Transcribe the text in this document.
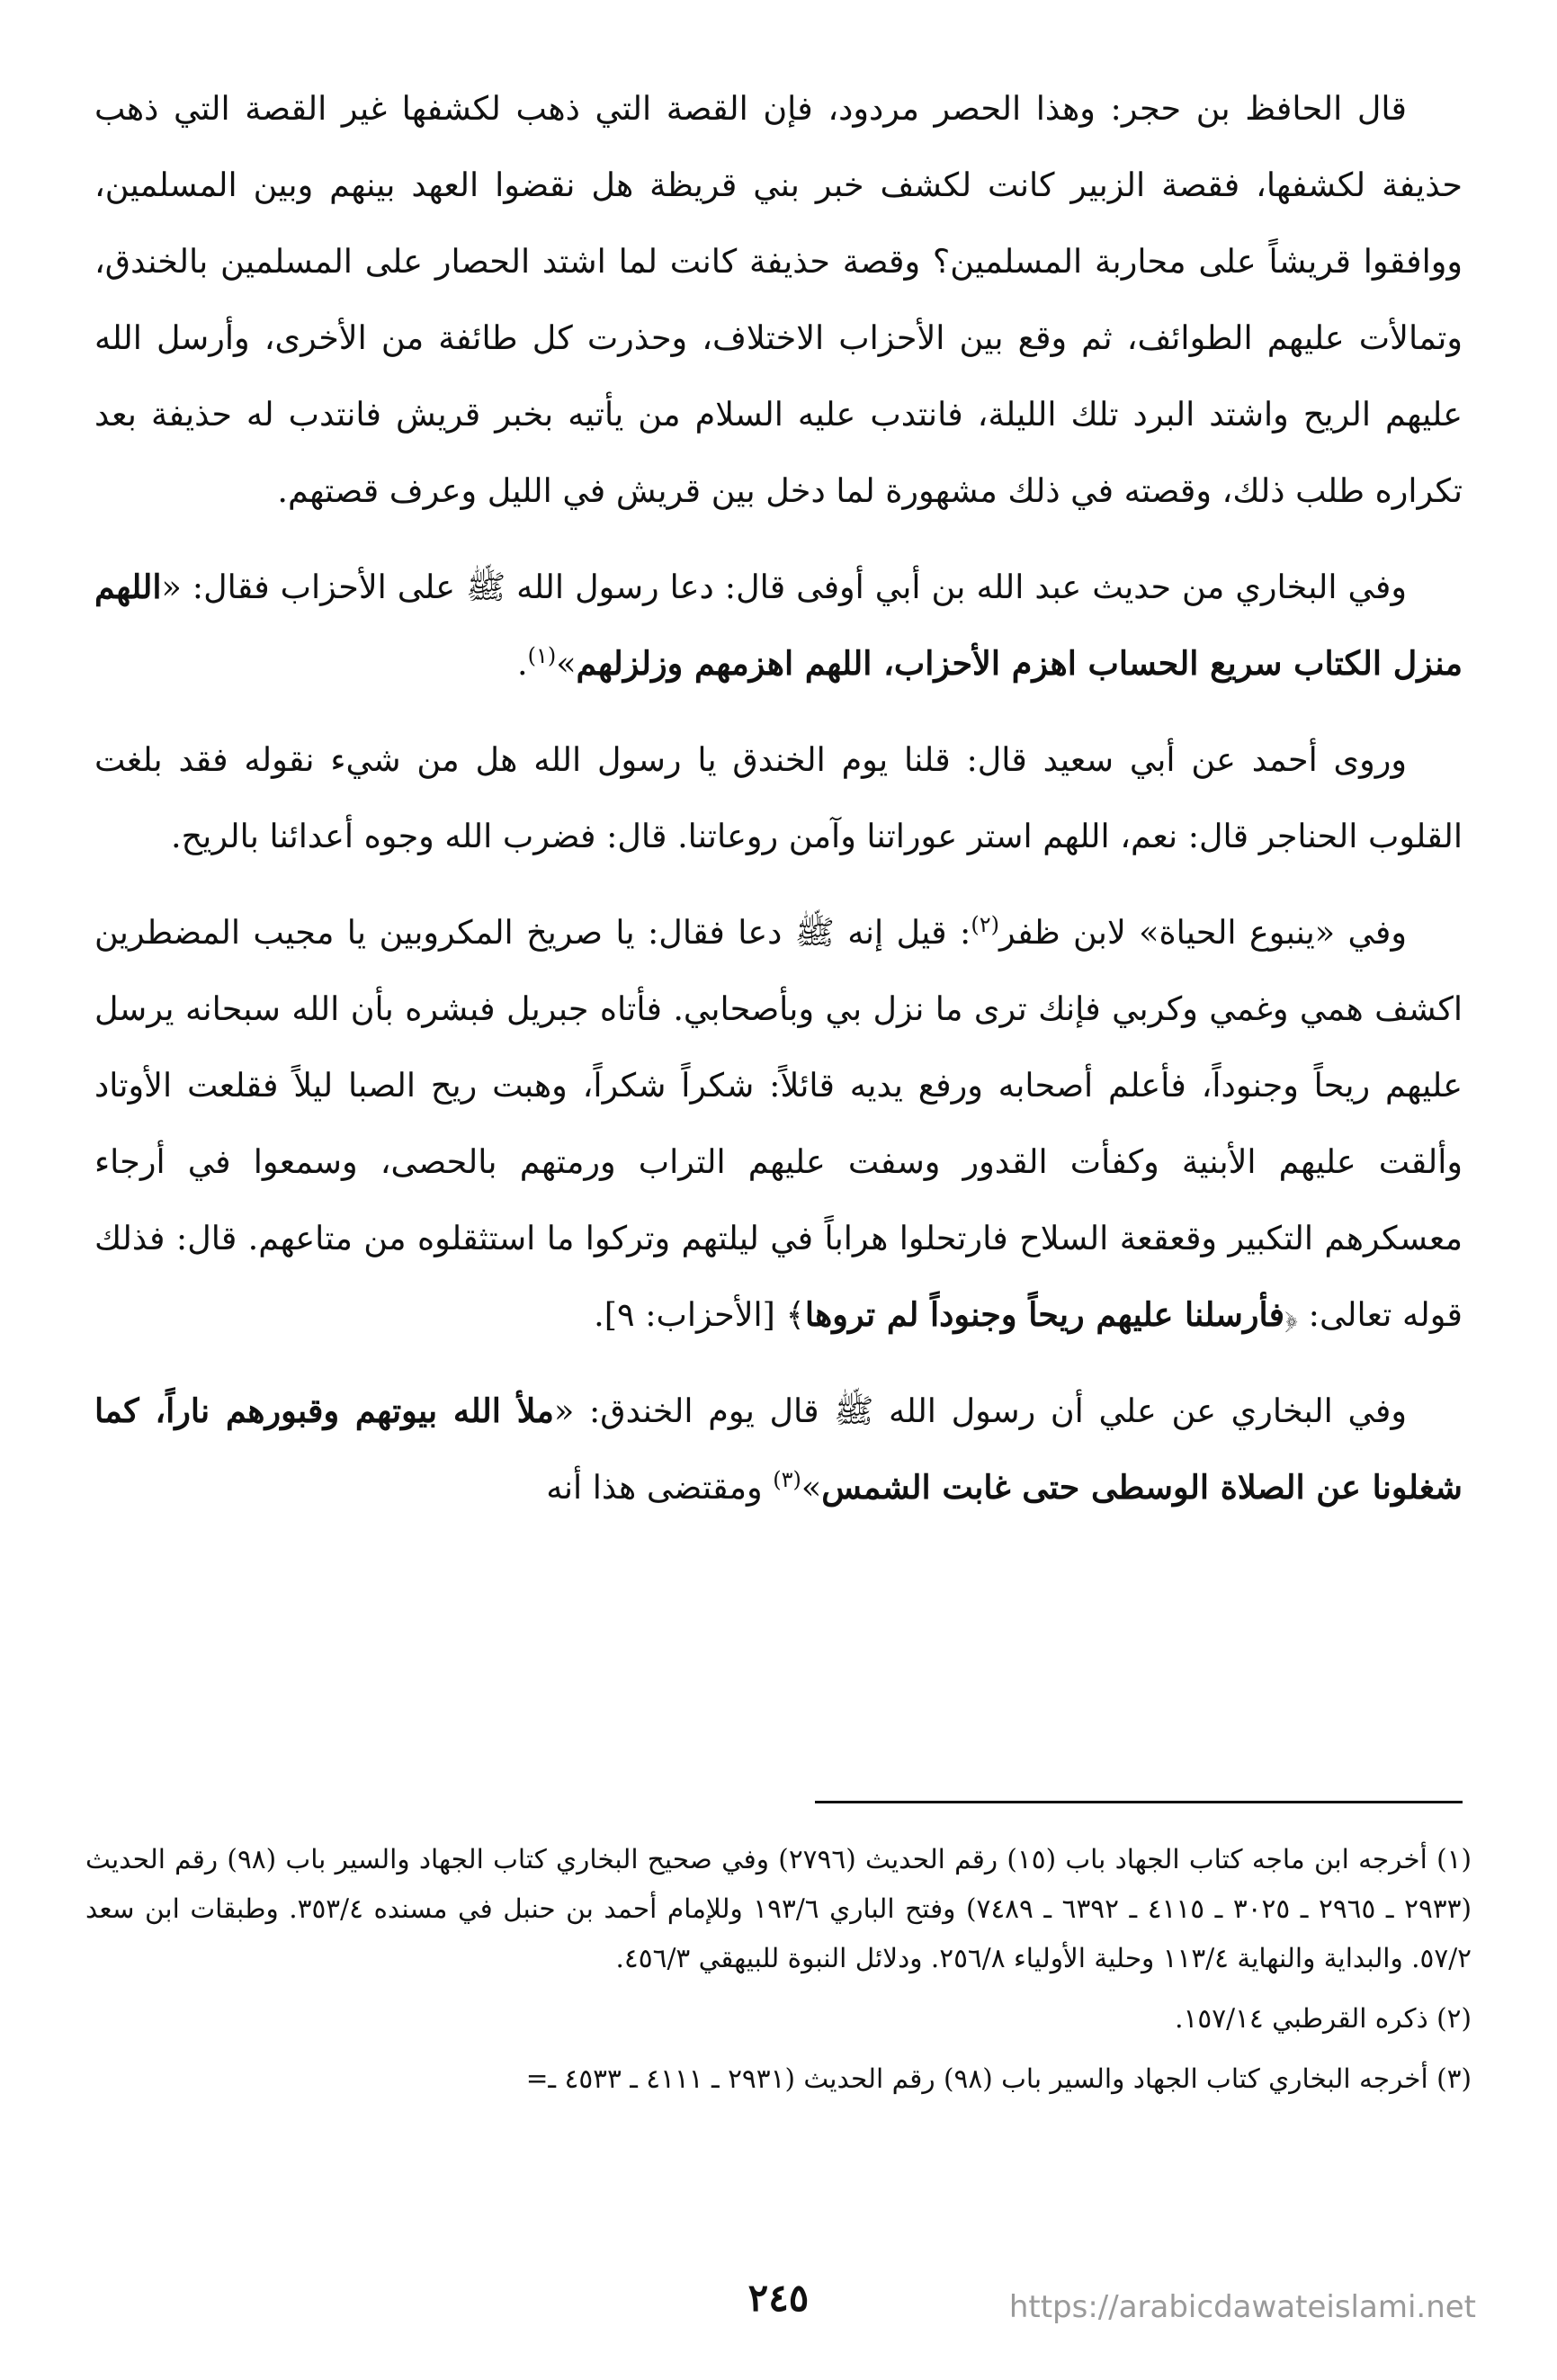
قال الحافظ بن حجر: وهذا الحصر مردود، فإن القصة التي ذهب لكشفها غير القصة التي ذهب حذيفة لكشفها، فقصة الزبير كانت لكشف خبر بني قريظة هل نقضوا العهد بينهم وبين المسلمين، ووافقوا قريشاً على محاربة المسلمين؟ وقصة حذيفة كانت لما اشتد الحصار على المسلمين بالخندق، وتمالأت عليهم الطوائف، ثم وقع بين الأحزاب الاختلاف، وحذرت كل طائفة من الأخرى، وأرسل الله عليهم الريح واشتد البرد تلك الليلة، فانتدب عليه السلام من يأتيه بخبر قريش فانتدب له حذيفة بعد تكراره طلب ذلك، وقصته في ذلك مشهورة لما دخل بين قريش في الليل وعرف قصتهم.

وفي البخاري من حديث عبد الله بن أبي أوفى قال: دعا رسول الله ﷺ على الأحزاب فقال: «اللهم منزل الكتاب سريع الحساب اهزم الأحزاب، اللهم اهزمهم وزلزلهم»$^{(١)}$.

وروى أحمد عن أبي سعيد قال: قلنا يوم الخندق يا رسول الله هل من شيء نقوله فقد بلغت القلوب الحناجر قال: نعم، اللهم استر عوراتنا وآمن روعاتنا. قال: فضرب الله وجوه أعدائنا بالريح.

وفي «ينبوع الحياة» لابن ظفر$^{(٢)}$: قيل إنه ﷺ دعا فقال: يا صريخ المكروبين يا مجيب المضطرين اكشف همي وغمي وكربي فإنك ترى ما نزل بي وبأصحابي. فأتاه جبريل فبشره بأن الله سبحانه يرسل عليهم ريحاً وجنوداً، فأعلم أصحابه ورفع يديه قائلاً: شكراً شكراً، وهبت ريح الصبا ليلاً فقلعت الأوتاد وألقت عليهم الأبنية وكفأت القدور وسفت عليهم التراب ورمتهم بالحصى، وسمعوا في أرجاء معسكرهم التكبير وقعقعة السلاح فارتحلوا هراباً في ليلتهم وتركوا ما استثقلوه من متاعهم. قال: فذلك قوله تعالى: ﴿فأرسلنا عليهم ريحاً وجنوداً لم تروها﴾ [الأحزاب: ٩].

وفي البخاري عن علي أن رسول الله ﷺ قال يوم الخندق: «ملأ الله بيوتهم وقبورهم ناراً، كما شغلونا عن الصلاة الوسطى حتى غابت الشمس»$^{(٣)}$ ومقتضى هذا أنه

(١) أخرجه ابن ماجه كتاب الجهاد باب (١٥) رقم الحديث (٢٧٩٦) وفي صحيح البخاري كتاب الجهاد والسير باب (٩٨) رقم الحديث (٢٩٣٣ ـ ٢٩٦٥ ـ ٣٠٢٥ ـ ٤١١٥ ـ ٦٣٩٢ ـ ٧٤٨٩) وفتح الباري ١٩٣/٦ وللإمام أحمد بن حنبل في مسنده ٣٥٣/٤. وطبقات ابن سعد ٥٧/٢. والبداية والنهاية ١١٣/٤ وحلية الأولياء ٢٥٦/٨. ودلائل النبوة للبيهقي ٤٥٦/٣.

(٢) ذكره القرطبي ١٥٧/١٤.

(٣) أخرجه البخاري كتاب الجهاد والسير باب (٩٨) رقم الحديث (٢٩٣١ ـ ٤١١١ ـ ٤٥٣٣ ـ=

٢٤٥	https://arabicdawateislami.net
